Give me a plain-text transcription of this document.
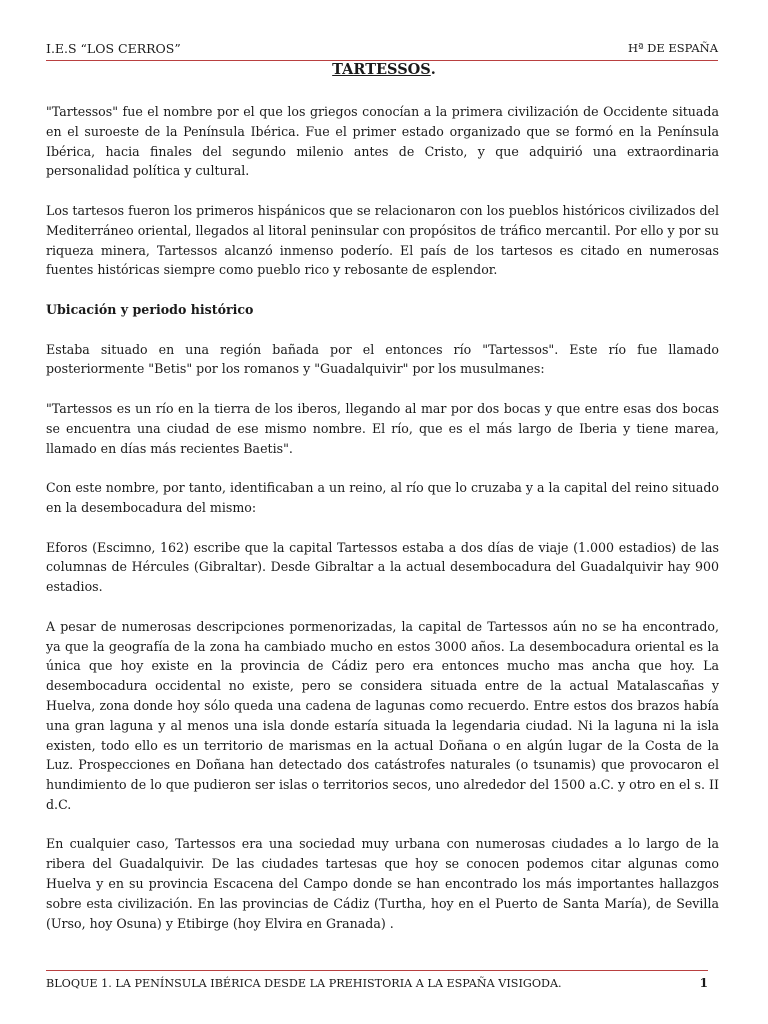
I.E.S “LOS CERROS”	Hª DE ESPAÑA
TARTESSOS.

"Tartessos" fue el nombre por el que los griegos conocían a la primera civilización de Occidente situada en el suroeste de la Península Ibérica. Fue el primer estado organizado que se formó en la Península Ibérica, hacia finales del segundo milenio antes de Cristo, y que adquirió una extraordinaria personalidad política y cultural.

Los tartesos fueron los primeros hispánicos que se relacionaron con los pueblos históricos civilizados del Mediterráneo oriental, llegados al litoral peninsular con propósitos de tráfico mercantil. Por ello y por su riqueza minera, Tartessos alcanzó inmenso poderío. El país de los tartesos es citado en numerosas fuentes históricas siempre como pueblo rico y rebosante de esplendor.

Ubicación y periodo histórico

Estaba situado en una región bañada por el entonces río "Tartessos". Este río fue llamado posteriormente "Betis" por los romanos y "Guadalquivir" por los musulmanes:

"Tartessos es un río en la tierra de los iberos, llegando al mar por dos bocas y que entre esas dos bocas se encuentra una ciudad de ese mismo nombre. El río, que es el más largo de Iberia y tiene marea, llamado en días más recientes Baetis".

Con este nombre, por tanto, identificaban a un reino, al río que lo cruzaba y a la capital del reino situado en la desembocadura del mismo:

Eforos (Escimno, 162) escribe que la capital Tartessos estaba a dos días de viaje (1.000 estadios) de las columnas de Hércules (Gibraltar). Desde Gibraltar a la actual desembocadura del Guadalquivir hay 900 estadios.

A pesar de numerosas descripciones pormenorizadas, la capital de Tartessos aún no se ha encontrado, ya que la geografía de la zona ha cambiado mucho en estos 3000 años. La desembocadura oriental es la única que hoy existe en la provincia de Cádiz pero era entonces mucho mas ancha que hoy. La desembocadura occidental no existe, pero se considera situada entre de la actual Matalascañas y Huelva, zona donde hoy sólo queda una cadena de lagunas como recuerdo. Entre estos dos brazos había una gran laguna y al menos una isla donde estaría situada la legendaria ciudad. Ni la laguna ni la isla existen, todo ello es un territorio de marismas en la actual Doñana o en algún lugar de la Costa de la Luz. Prospecciones en Doñana han detectado dos catástrofes naturales (o tsunamis) que provocaron el hundimiento de lo que pudieron ser islas o territorios secos, uno alrededor del 1500 a.C. y otro en el s. II d.C.

En cualquier caso, Tartessos era una sociedad muy urbana con numerosas ciudades a lo largo de la ribera del Guadalquivir. De las ciudades tartesas que hoy se conocen podemos citar algunas como Huelva y en su provincia Escacena del Campo donde se han encontrado los más importantes hallazgos sobre esta civilización. En las provincias de Cádiz (Turtha, hoy en el Puerto de Santa María), de Sevilla (Urso, hoy Osuna) y Etibirge (hoy Elvira en Granada) .

BLOQUE 1. LA PENÍNSULA IBÉRICA DESDE LA PREHISTORIA A LA ESPAÑA VISIGODA.	1
